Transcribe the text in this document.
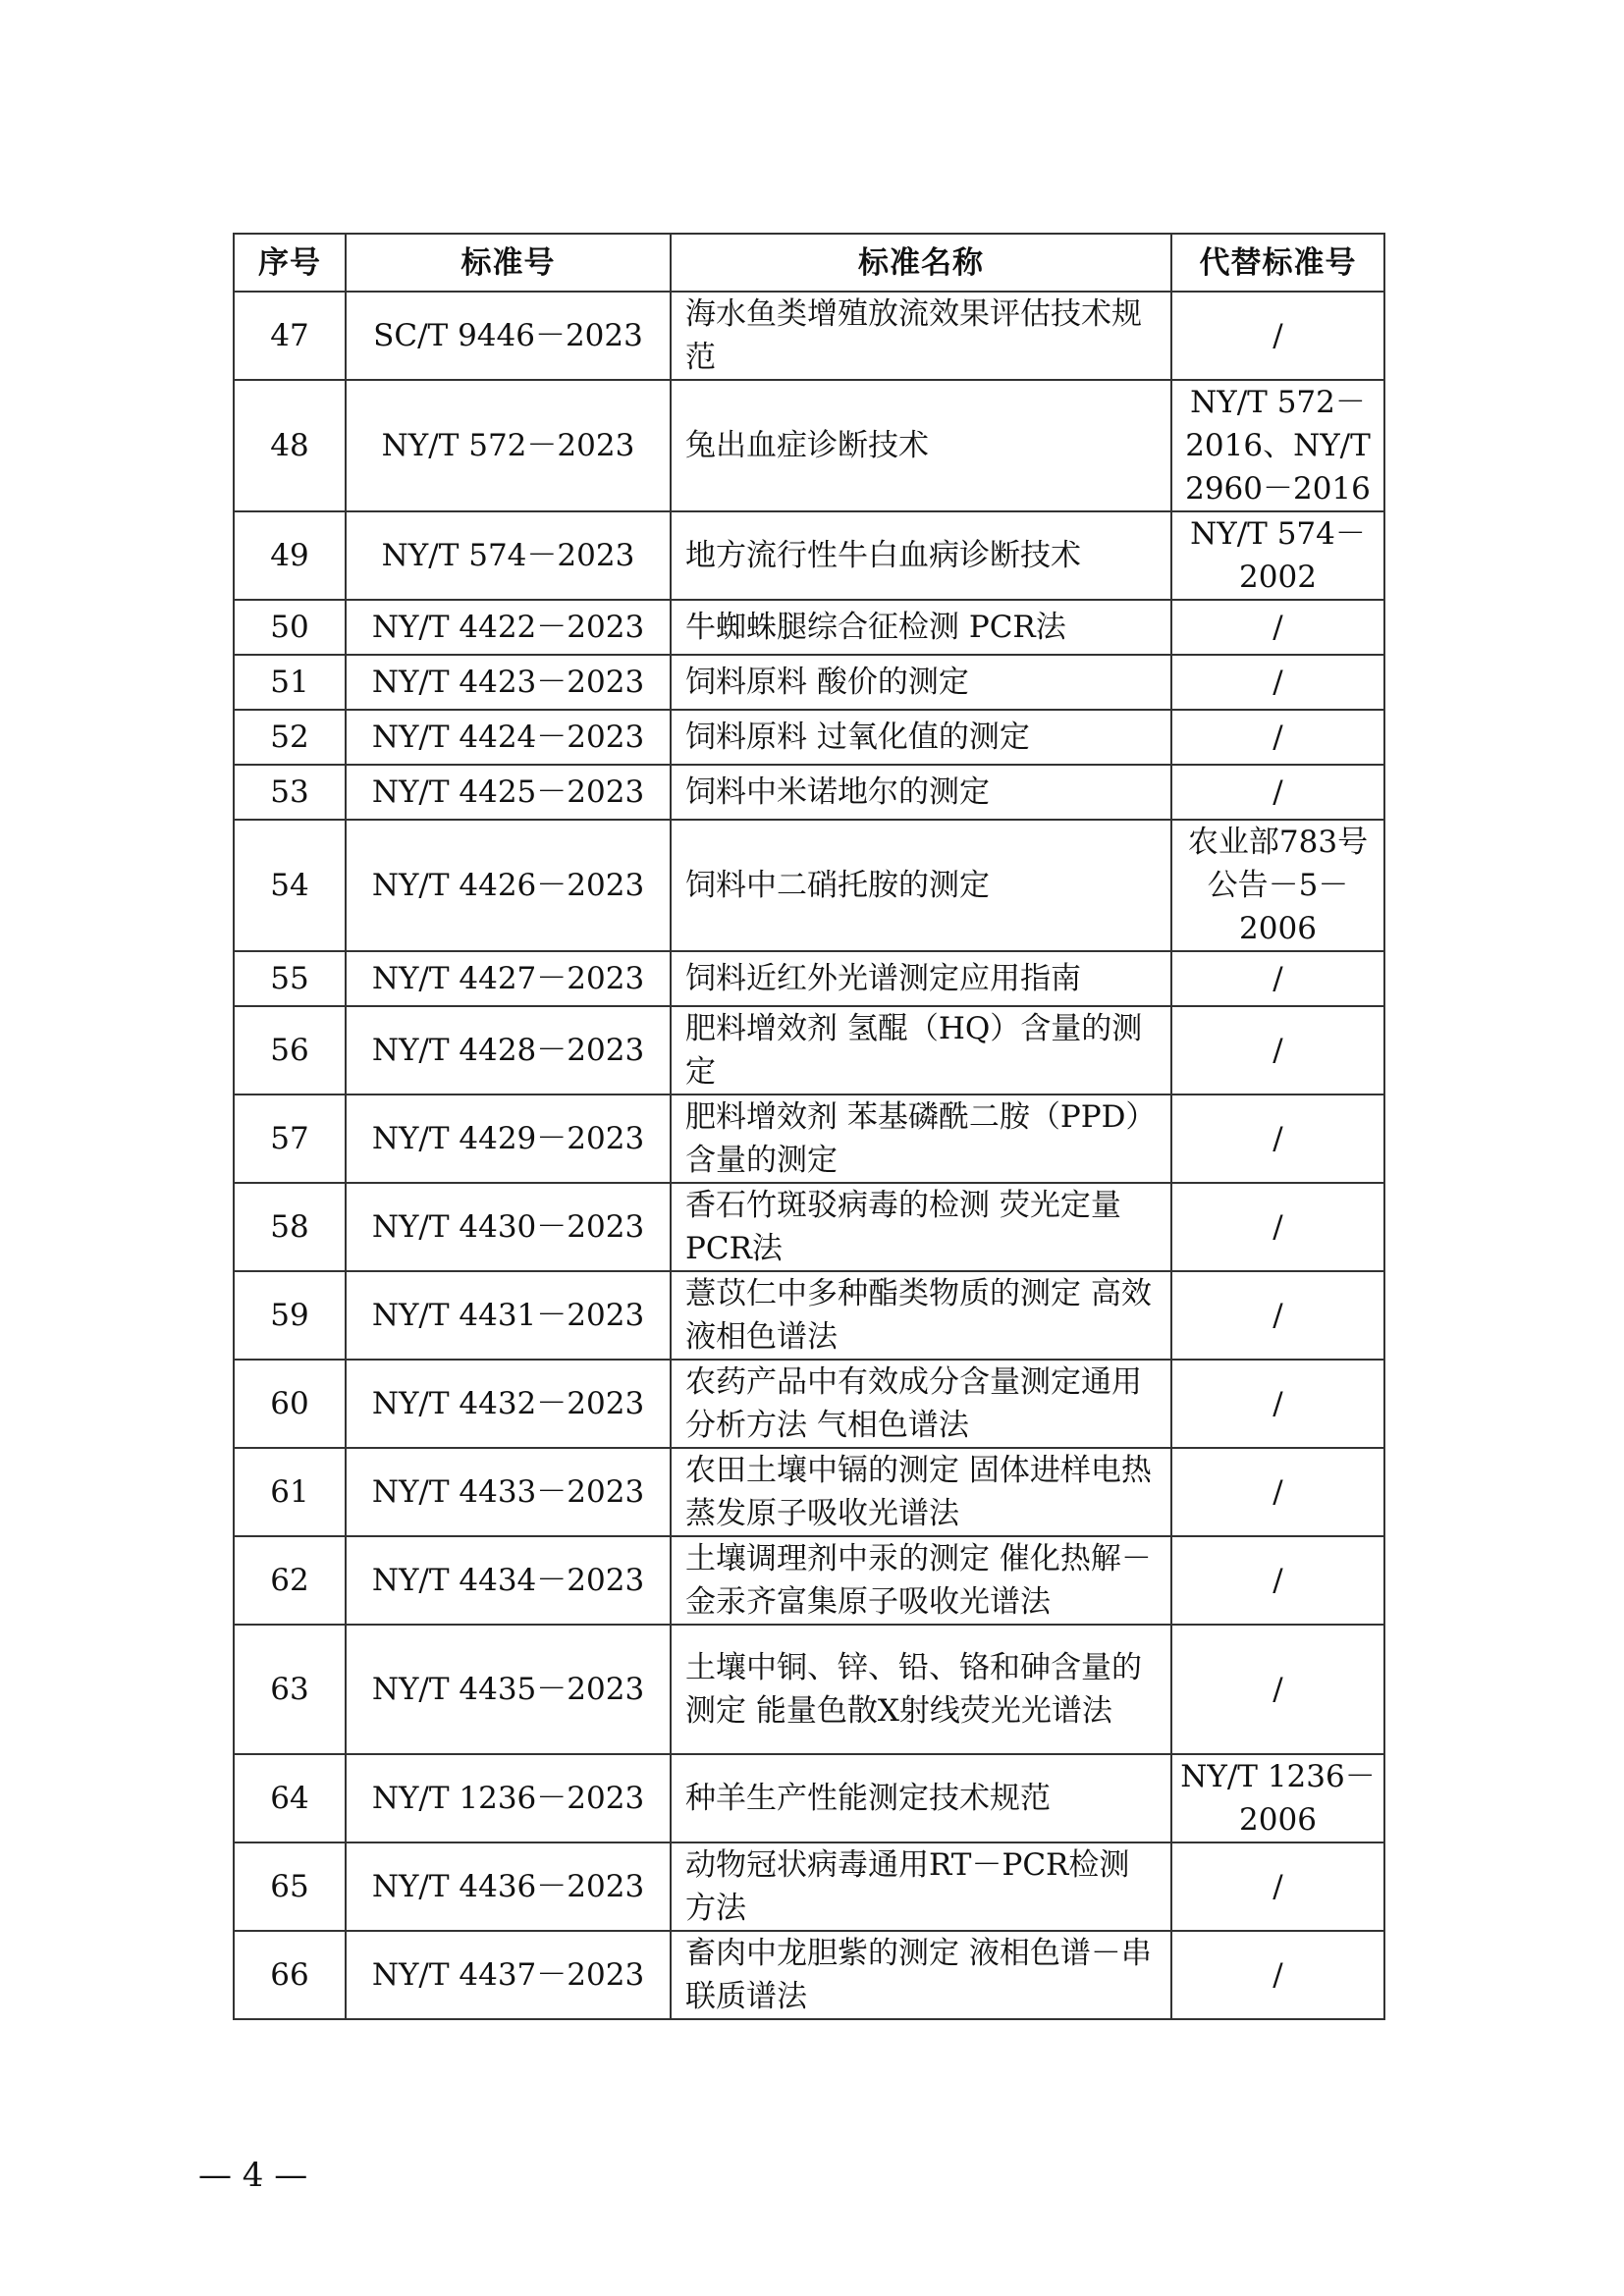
序号	标准号	标准名称	代替标准号
47	SC/T 9446－2023	海水鱼类增殖放流效果评估技术规范	/
48	NY/T 572－2023	兔出血症诊断技术	NY/T 572－2016、NY/T 2960－2016
49	NY/T 574－2023	地方流行性牛白血病诊断技术	NY/T 574－2002
50	NY/T 4422－2023	牛蜘蛛腿综合征检测 PCR法	/
51	NY/T 4423－2023	饲料原料 酸价的测定	/
52	NY/T 4424－2023	饲料原料 过氧化值的测定	/
53	NY/T 4425－2023	饲料中米诺地尔的测定	/
54	NY/T 4426－2023	饲料中二硝托胺的测定	农业部783号公告－5－2006
55	NY/T 4427－2023	饲料近红外光谱测定应用指南	/
56	NY/T 4428－2023	肥料增效剂 氢醌（HQ）含量的测定	/
57	NY/T 4429－2023	肥料增效剂 苯基磷酰二胺（PPD）含量的测定	/
58	NY/T 4430－2023	香石竹斑驳病毒的检测 荧光定量PCR法	/
59	NY/T 4431－2023	薏苡仁中多种酯类物质的测定 高效液相色谱法	/
60	NY/T 4432－2023	农药产品中有效成分含量测定通用分析方法 气相色谱法	/
61	NY/T 4433－2023	农田土壤中镉的测定 固体进样电热蒸发原子吸收光谱法	/
62	NY/T 4434－2023	土壤调理剂中汞的测定 催化热解－金汞齐富集原子吸收光谱法	/
63	NY/T 4435－2023	土壤中铜、锌、铅、铬和砷含量的测定 能量色散X射线荧光光谱法	/
64	NY/T 1236－2023	种羊生产性能测定技术规范	NY/T 1236－2006
65	NY/T 4436－2023	动物冠状病毒通用RT－PCR检测方法	/
66	NY/T 4437－2023	畜肉中龙胆紫的测定 液相色谱－串联质谱法	/
— 4 —
